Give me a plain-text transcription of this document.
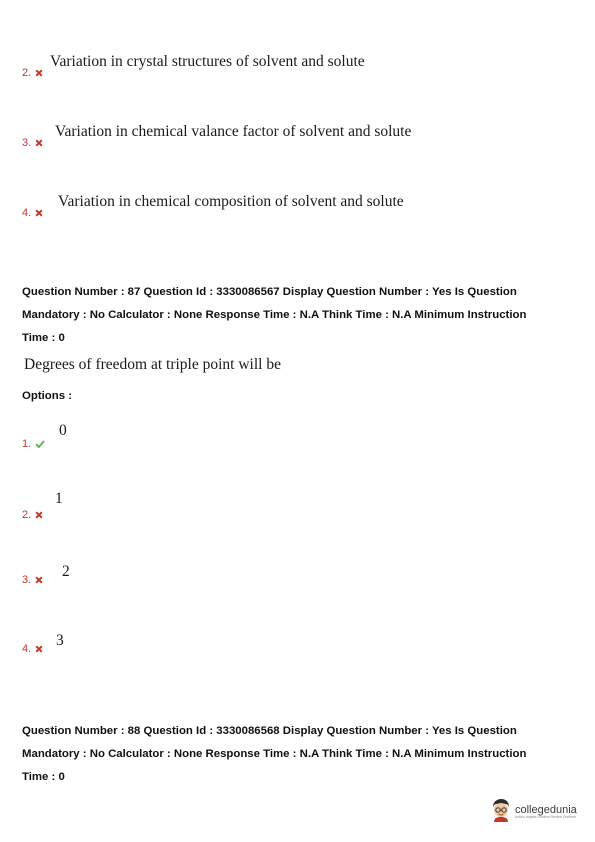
Variation in crystal structures of solvent and solute
2.
Variation in chemical valance factor of solvent and solute
3.
Variation in chemical composition of solvent and solute
4.
Question Number : 87 Question Id : 3330086567 Display Question Number : Yes Is Question
Mandatory : No Calculator : None Response Time : N.A Think Time : N.A Minimum Instruction
Time : 0
Degrees of freedom at triple point will be
Options :
0
1.
1
2.
2
3.
3
4.
Question Number : 88 Question Id : 3330086568 Display Question Number : Yes Is Question
Mandatory : No Calculator : None Response Time : N.A Think Time : N.A Minimum Instruction
Time : 0
collegedunia
India's largest Student Review Platform
